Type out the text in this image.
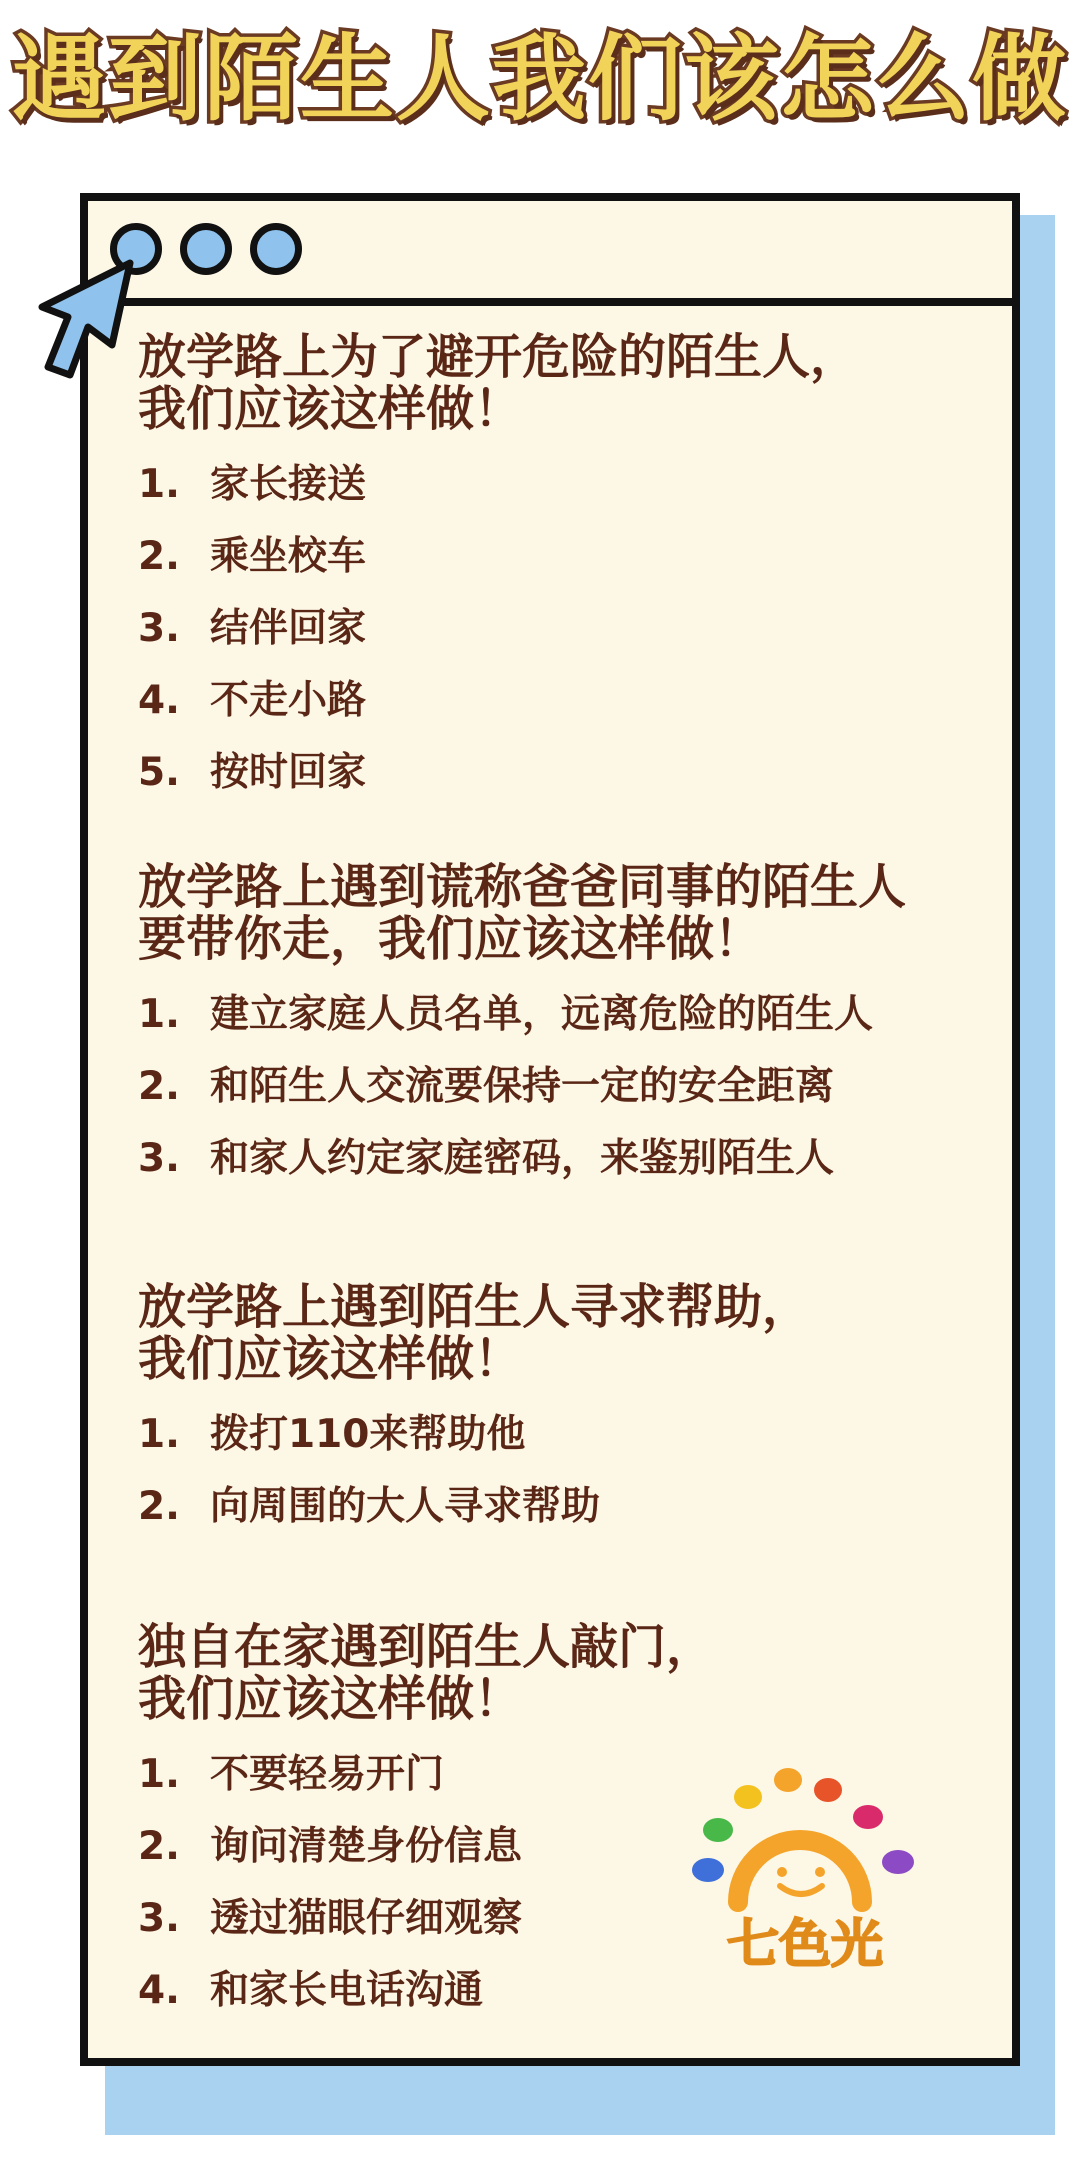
遇到陌生人我们该怎么做
放学路上为了避开危险的陌生人，
我们应该这样做！
1. 家长接送
2. 乘坐校车
3. 结伴回家
4. 不走小路
5. 按时回家
放学路上遇到谎称爸爸同事的陌生人
要带你走，我们应该这样做！
1. 建立家庭人员名单，远离危险的陌生人
2. 和陌生人交流要保持一定的安全距离
3. 和家人约定家庭密码，来鉴别陌生人
放学路上遇到陌生人寻求帮助，
我们应该这样做！
1. 拨打110来帮助他
2. 向周围的大人寻求帮助
独自在家遇到陌生人敲门，
我们应该这样做！
1. 不要轻易开门
2. 询问清楚身份信息
3. 透过猫眼仔细观察
4. 和家长电话沟通
七色光
